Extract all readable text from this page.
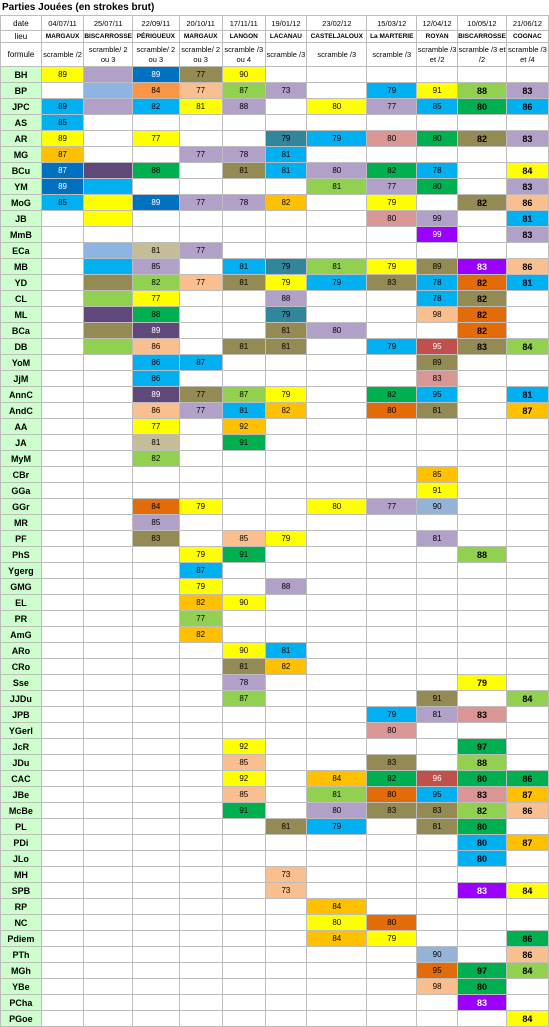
Parties Jouées (en strokes brut)
date	04/07/11	25/07/11	22/09/11	20/10/11	17/11/11	19/01/12	23/02/12	15/03/12	12/04/12	10/05/12	21/06/12
lieu	MARGAUX	BISCARROSSE	PÉRIGUEUX	MARGAUX	LANGON	LACANAU	CASTELJALOUX	La MARTERIE	ROYAN	BISCARROSSE	COGNAC
formule	scramble /2	scramble/ 2 ou 3	scramble/ 2 ou 3	scramble/ 2 ou 3	scramble /3 ou 4	scramble /3	scramble /3	scramble /3	scramble /3 et /2	scramble /3 et /2	scramble /3 et /4
BH	89		89	77	90						
BP			84	77	87	73		79	91	88	83
JPC	89		82	81	88		80	77	85	80	86
AS	85										
AR	89		77			79	79	80	80	82	83
MG	87			77	78	81					
BCu	87		88		81	81	80	82	78		84
YM	89						81	77	80		83
MoG	85		89	77	78	82		79		82	86
JB								80	99		81
MmB									99		83
ECa			81	77							
MB			85		81	79	81	79	89	83	86
YD			82	77	81	79	79	83	78	82	81
CL			77			88			78	82	
ML			88			79			98	82	
BCa			89			81	80			82	
DB			86		81	81		79	95	83	84
YoM			86	87					89		
JjM			86						83		
AnnC			89	77	87	79		82	95		81
AndC			86	77	81	82		80	81		87
AA			77		92						
JA			81		91						
MyM			82								
CBr									85		
GGa									91		
GGr			84	79			80	77	90		
MR			85								
PF			83		85	79			81		
PhS				79	91					88	
Ygerg				87							
GMG				79		88					
EL				82	90						
PR				77							
AmG				82							
ARo					90	81					
CRo					81	82					
Sse					78					79	
JJDu					87				91		84
JPB								79	81	83	
YGerl								80			
JcR					92					97	
JDu					85			83		88	
CAC					92		84	82	96	80	86
JBe					85		81	80	95	83	87
McBe					91		80	83	83	82	86
PL						81	79		81	80	
PDi										80	87
JLo										80	
MH						73					
SPB						73				83	84
RP							84				
NC							80	80			
Pdiem							84	79			86
PTh									90		86
MGh									95	97	84
YBe									98	80	
PCha										83	
PGoe											84
